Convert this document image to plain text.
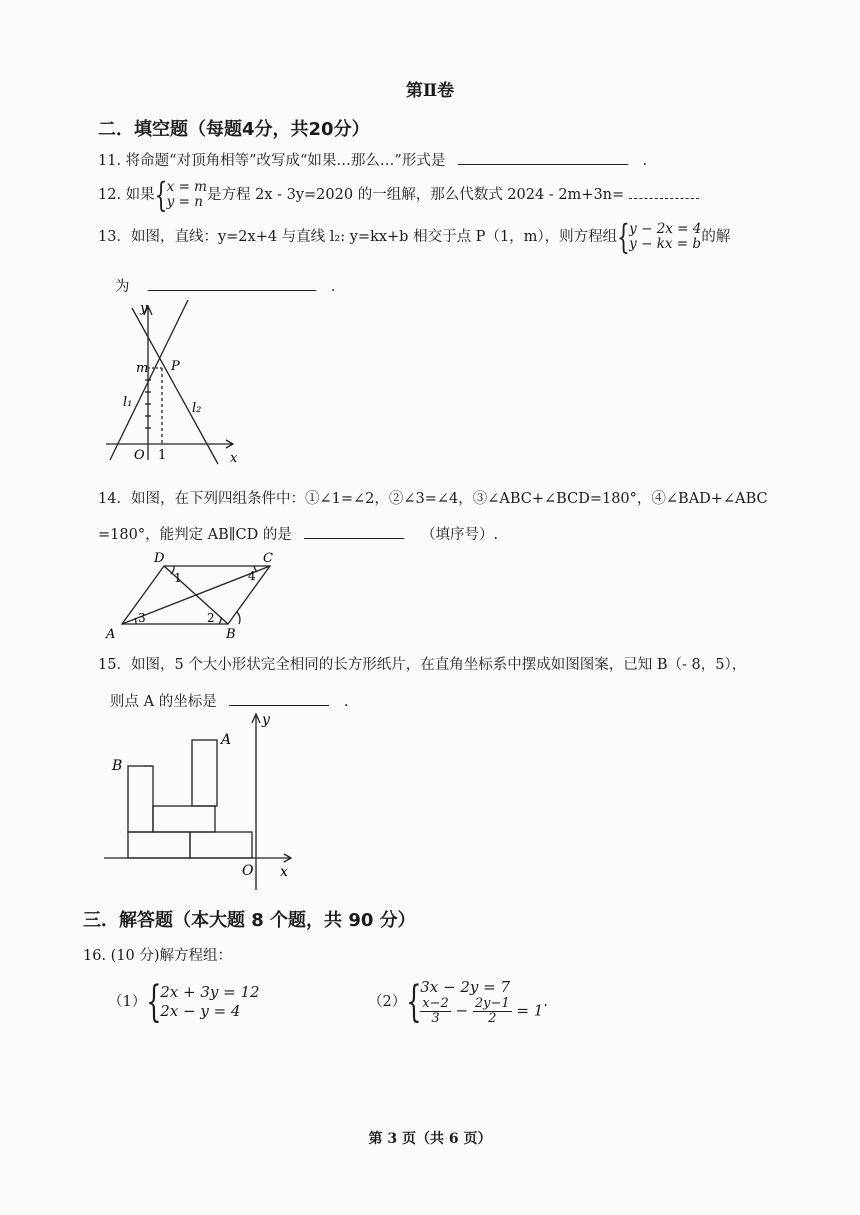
第Ⅱ卷
二．填空题（每题4分，共20分）
11. 将命题“对顶角相等”改写成“如果…那么…”形式是	.
12. 如果 { x = m
y = n 是方程 2x - 3y=2020 的一组解，那么代数式 2024 - 2m+3n=
13．如图，直线：y=2x+4 与直线 l₂: y=kx+b 相交于点 P（1，m），则方程组 { y − 2x = 4
y − kx = b 的解
为	.
y
x
O 1
m P
l₁	l₂
14．如图，在下列四组条件中：①∠1=∠2，②∠3=∠4，③∠ABC+∠BCD=180°，④∠BAD+∠ABC
=180°，能判定 AB∥CD 的是	（填序号）.
D	C
A	B
1	4
3	2
15．如图，5 个大小形状完全相同的长方形纸片，在直角坐标系中摆成如图图案，已知 B（- 8，5），
则点 A 的坐标是	.
B
A
O x
y
三．解答题（本大题 8 个题，共 90 分）
16. (10 分)解方程组：
（1）
{ 2x + 3y = 12
2x − y = 4	（2）
{ 3x − 2y = 7
$\frac{x-2}{3} - \frac{2y-1}{2} = 1$ .
第 3 页（共 6 页）
